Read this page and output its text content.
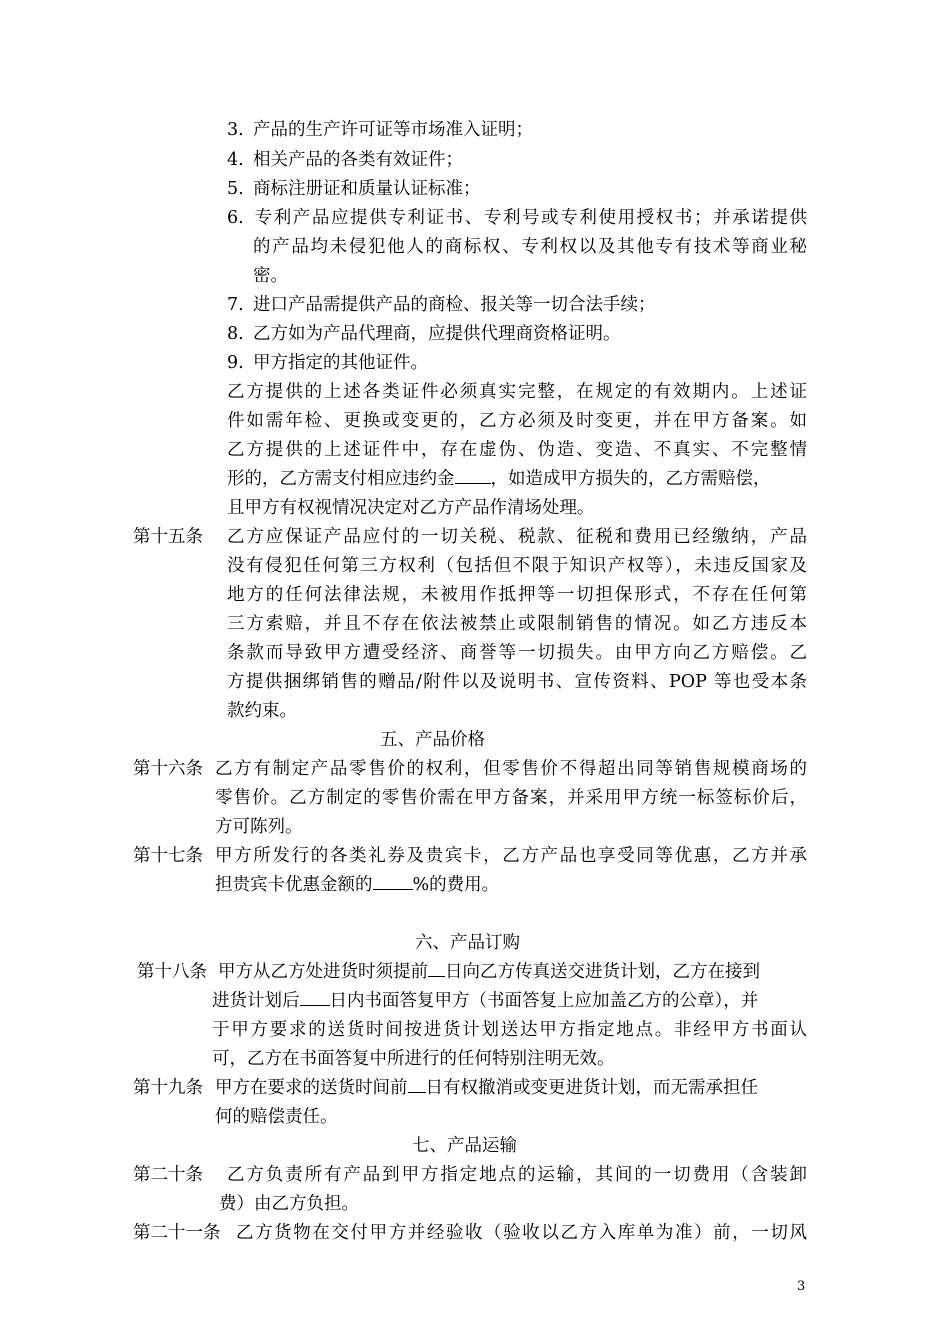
3. 产品的生产许可证等市场准入证明；
4. 相关产品的各类有效证件；
5. 商标注册证和质量认证标准；
6. 专利产品应提供专利证书、专利号或专利使用授权书；并承诺提供
的产品均未侵犯他人的商标权、专利权以及其他专有技术等商业秘
密。
7. 进口产品需提供产品的商检、报关等一切合法手续；
8. 乙方如为产品代理商，应提供代理商资格证明。
9. 甲方指定的其他证件。
乙方提供的上述各类证件必须真实完整，在规定的有效期内。上述证
件如需年检、更换或变更的，乙方必须及时变更，并在甲方备案。如
乙方提供的上述证件中，存在虚伪、伪造、变造、不真实、不完整情
形的，乙方需支付相应违约金 ，如造成甲方损失的，乙方需赔偿，
且甲方有权视情况决定对乙方产品作清场处理。
第十五条 乙方应保证产品应付的一切关税、税款、征税和费用已经缴纳，产品
没有侵犯任何第三方权利（包括但不限于知识产权等），未违反国家及
地方的任何法律法规，未被用作抵押等一切担保形式，不存在任何第
三方索赔，并且不存在依法被禁止或限制销售的情况。如乙方违反本
条款而导致甲方遭受经济、商誉等一切损失。由甲方向乙方赔偿。乙
方提供捆绑销售的赠品/附件以及说明书、宣传资料、POP 等也受本条
款约束。
五、产品价格
第十六条 乙方有制定产品零售价的权利，但零售价不得超出同等销售规模商场的
零售价。乙方制定的零售价需在甲方备案，并采用甲方统一标签标价后，
方可陈列。
第十七条 甲方所发行的各类礼券及贵宾卡，乙方产品也享受同等优惠，乙方并承
担贵宾卡优惠金额的 %的费用。
六、产品订购
第十八条 甲方从乙方处进货时须提前 日向乙方传真送交进货计划，乙方在接到
进货计划后 日内书面答复甲方（书面答复上应加盖乙方的公章），并
于甲方要求的送货时间按进货计划送达甲方指定地点。非经甲方书面认
可，乙方在书面答复中所进行的任何特别注明无效。
第十九条 甲方在要求的送货时间前 日有权撤消或变更进货计划，而无需承担任
何的赔偿责任。
七、产品运输
第二十条 乙方负责所有产品到甲方指定地点的运输，其间的一切费用（含装卸
费）由乙方负担。
第二十一条 乙方货物在交付甲方并经验收（验收以乙方入库单为准）前，一切风
3
